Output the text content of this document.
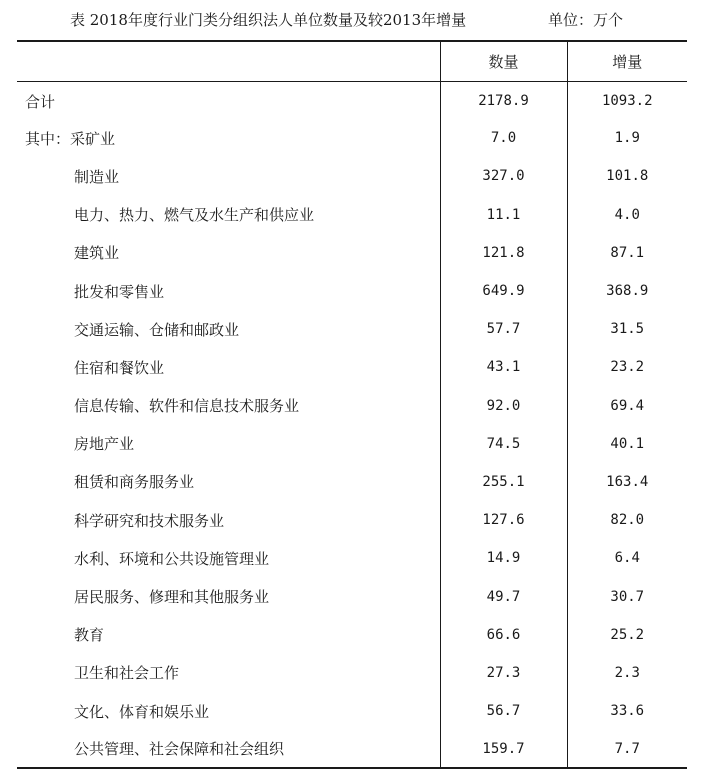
表 2018年度行业门类分组织法人单位数量及较2013年增量	单位：万个
	数量	增量
合计	2178.9	1093.2
其中：采矿业	7.0	1.9
制造业	327.0	101.8
电力、热力、燃气及水生产和供应业	11.1	4.0
建筑业	121.8	87.1
批发和零售业	649.9	368.9
交通运输、仓储和邮政业	57.7	31.5
住宿和餐饮业	43.1	23.2
信息传输、软件和信息技术服务业	92.0	69.4
房地产业	74.5	40.1
租赁和商务服务业	255.1	163.4
科学研究和技术服务业	127.6	82.0
水利、环境和公共设施管理业	14.9	6.4
居民服务、修理和其他服务业	49.7	30.7
教育	66.6	25.2
卫生和社会工作	27.3	2.3
文化、体育和娱乐业	56.7	33.6
公共管理、社会保障和社会组织	159.7	7.7
